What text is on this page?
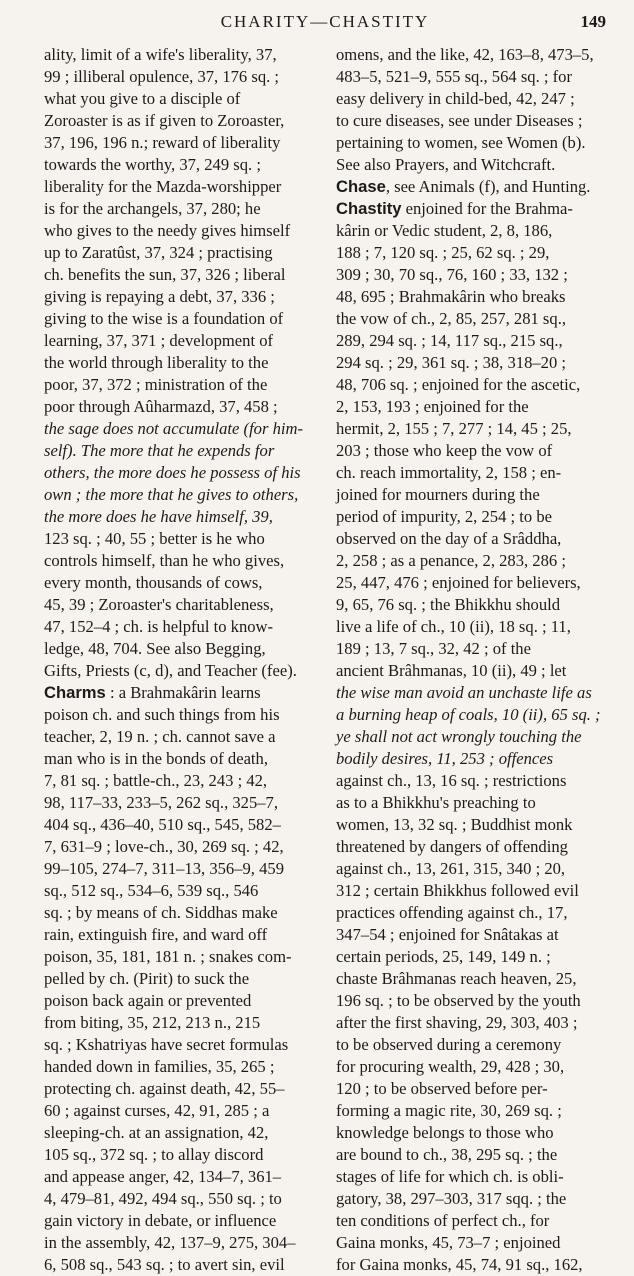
CHARITY—CHASTITY	149
ality, limit of a wife's liberality, 37,
99 ; illiberal opulence, 37, 176 sq. ;
what you give to a disciple of
Zoroaster is as if given to Zoroaster,
37, 196, 196 n.; reward of liberality
towards the worthy, 37, 249 sq. ;
liberality for the Mazda-worshipper
is for the archangels, 37, 280; he
who gives to the needy gives himself
up to Zaratûst, 37, 324 ; practising
ch. benefits the sun, 37, 326 ; liberal
giving is repaying a debt, 37, 336 ;
giving to the wise is a foundation of
learning, 37, 371 ; development of
the world through liberality to the
poor, 37, 372 ; ministration of the
poor through Aûharmazd, 37, 458 ;
the sage does not accumulate (for him-
self). The more that he expends for
others, the more does he possess of his
own ; the more that he gives to others,
the more does he have himself, 39,
123 sq. ; 40, 55 ; better is he who
controls himself, than he who gives,
every month, thousands of cows,
45, 39 ; Zoroaster's charitableness,
47, 152–4 ; ch. is helpful to know-
ledge, 48, 704. See also Begging,
Gifts, Priests (c, d), and Teacher (fee).
Charms : a Brahmakârin learns
poison ch. and such things from his
teacher, 2, 19 n. ; ch. cannot save a
man who is in the bonds of death,
7, 81 sq. ; battle-ch., 23, 243 ; 42,
98, 117–33, 233–5, 262 sq., 325–7,
404 sq., 436–40, 510 sq., 545, 582–
7, 631–9 ; love-ch., 30, 269 sq. ; 42,
99–105, 274–7, 311–13, 356–9, 459
sq., 512 sq., 534–6, 539 sq., 546
sq. ; by means of ch. Siddhas make
rain, extinguish fire, and ward off
poison, 35, 181, 181 n. ; snakes com-
pelled by ch. (Pirit) to suck the
poison back again or prevented
from biting, 35, 212, 213 n., 215
sq. ; Kshatriyas have secret formulas
handed down in families, 35, 265 ;
protecting ch. against death, 42, 55–
60 ; against curses, 42, 91, 285 ; a
sleeping-ch. at an assignation, 42,
105 sq., 372 sq. ; to allay discord
and appease anger, 42, 134–7, 361–
4, 479–81, 492, 494 sq., 550 sq. ; to
gain victory in debate, or influence
in the assembly, 42, 137–9, 275, 304–
6, 508 sq., 543 sq. ; to avert sin, evil
omens, and the like, 42, 163–8, 473–5,
483–5, 521–9, 555 sq., 564 sq. ; for
easy delivery in child-bed, 42, 247 ;
to cure diseases, see under Diseases ;
pertaining to women, see Women (b).
See also Prayers, and Witchcraft.
Chase, see Animals (f), and Hunting.
Chastity enjoined for the Brahma-
kârin or Vedic student, 2, 8, 186,
188 ; 7, 120 sq. ; 25, 62 sq. ; 29,
309 ; 30, 70 sq., 76, 160 ; 33, 132 ;
48, 695 ; Brahmakârin who breaks
the vow of ch., 2, 85, 257, 281 sq.,
289, 294 sq. ; 14, 117 sq., 215 sq.,
294 sq. ; 29, 361 sq. ; 38, 318–20 ;
48, 706 sq. ; enjoined for the ascetic,
2, 153, 193 ; enjoined for the
hermit, 2, 155 ; 7, 277 ; 14, 45 ; 25,
203 ; those who keep the vow of
ch. reach immortality, 2, 158 ; en-
joined for mourners during the
period of impurity, 2, 254 ; to be
observed on the day of a Srâddha,
2, 258 ; as a penance, 2, 283, 286 ;
25, 447, 476 ; enjoined for believers,
9, 65, 76 sq. ; the Bhikkhu should
live a life of ch., 10 (ii), 18 sq. ; 11,
189 ; 13, 7 sq., 32, 42 ; of the
ancient Brâhmanas, 10 (ii), 49 ; let
the wise man avoid an unchaste life as
a burning heap of coals, 10 (ii), 65 sq. ;
ye shall not act wrongly touching the
bodily desires, 11, 253 ; offences
against ch., 13, 16 sq. ; restrictions
as to a Bhikkhu's preaching to
women, 13, 32 sq. ; Buddhist monk
threatened by dangers of offending
against ch., 13, 261, 315, 340 ; 20,
312 ; certain Bhikkhus followed evil
practices offending against ch., 17,
347–54 ; enjoined for Snâtakas at
certain periods, 25, 149, 149 n. ;
chaste Brâhmanas reach heaven, 25,
196 sq. ; to be observed by the youth
after the first shaving, 29, 303, 403 ;
to be observed during a ceremony
for procuring wealth, 29, 428 ; 30,
120 ; to be observed before per-
forming a magic rite, 30, 269 sq. ;
knowledge belongs to those who
are bound to ch., 38, 295 sq. ; the
stages of life for which ch. is obli-
gatory, 38, 297–303, 317 sqq. ; the
ten conditions of perfect ch., for
Gaina monks, 45, 73–7 ; enjoined
for Gaina monks, 45, 74, 91 sq., 162,
